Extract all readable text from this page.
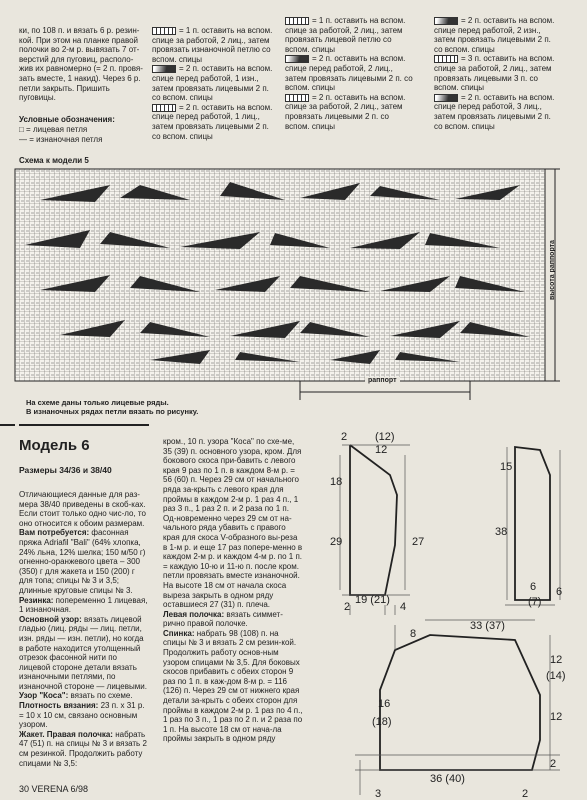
ки, по 108 п. и вязать 6 р. резин-кой. При этом на планке правой полочки во 2-м р. вывязать 7 от-верстий для пуговиц, располо-жив их равномерно (= 2 п. провя-зать вместе, 1 накид). Через 6 р. петли закрыть. Пришить пуговицы.
Условные обозначения:
□ = лицевая петля
— = изнаночная петля

= 1 п. оставить на вспом. спице за работой, 2 лиц., затем провязать изнаночной петлю со вспом. спицы

= 2 п. оставить на вспом. спице перед работой, 1 изн., затем провязать лицевыми 2 п. со вспом. спицы

= 2 п. оставить на вспом. спице перед работой, 1 лиц., затем провязать лицевыми 2 п. со вспом. спицы

= 1 п. оставить на вспом. спице за работой, 2 лиц., затем провязать лицевой петлю со вспом. спицы

= 2 п. оставить на вспом. спице перед работой, 2 лиц., затем провязать лицевыми 2 п. со вспом. спицы

= 2 п. оставить на вспом. спице за работой, 2 лиц., затем провязать лицевыми 2 п. со вспом. спицы

= 2 п. оставить на вспом. спице перед работой, 2 изн., затем провязать лицевыми 2 п. со вспом. спицы

= 3 п. оставить на вспом. спице за работой, 2 лиц., затем провязать лицевыми 3 п. со вспом. спицы

= 2 п. оставить на вспом. спице перед работой, 3 лиц., затем провязать лицевыми 2 п. со вспом. спицы

Схема к модели 5
высота раппорта
раппорт
На схеме даны только лицевые ряды.
В изнаночных рядах петли вязать по рисунку.
Модель 6
Размеры 34/36 и 38/40

Отличающиеся данные для раз-мера 38/40 приведены в скоб-ках. Если стоит только одно чис-ло, то оно относится к обоим размерам.

Вам потребуется: фасонная пряжа Adriafil "Bali" (64% хлопка, 24% льна, 12% шелка; 150 м/50 г) огненно-оранжевого цвета – 300 (350) г для жакета и 150 (200) г для топа; спицы № 3 и 3,5; длинные круговые спицы № 3.

Резинка: попеременно 1 лицевая, 1 изнаночная.

Основной узор: вязать лицевой гладью (лиц. ряды — лиц. петли, изн. ряды — изн. петли), но когда в работе находится утолщенный отрезок фасонной нити по лицевой стороне детали вязать изнаночными петлями, по изнаночной стороне — лицевыми.

Узор "Коса": вязать по схеме.

Плотность вязания: 23 п. х 31 р. = 10 х 10 см, связано основным узором.

Жакет. Правая полочка: набрать 47 (51) п. на спицы № 3 и вязать 2 см резинкой. Продолжить работу спицами № 3,5:

кром., 10 п. узора "Коса" по схе-ме, 35 (39) п. основного узора, кром. Для бокового скоса при-бавить с левого края 9 раз по 1 п. в каждом 8-м р. = 56 (60) п. Через 29 см от начального ряда за-крыть с левого края для проймы в каждом 2-м р. 1 раз 4 п., 1 раз 3 п., 1 раз 2 п. и 2 раза по 1 п. Од-новременно через 29 см от на-чального ряда убавить с правого края для скоса V-образного вы-реза в 1-м р. и еще 17 раз попере-менно в каждом 2-м р. и каждом 4-м р. по 1 п. = каждую 10-ю и 11-ю п. после кром. петли провязать вместе изнаночной. На высоте 18 см от начала скоса выреза закрыть в одном ряду оставшиеся 27 (31) п. плеча.

Левая полочка: вязать симмет-рично правой полочке.

Спинка: набрать 98 (108) п. на спицы № 3 и вязать 2 см резин-кой. Продолжить работу основ-ным узором спицами № 3,5. Для боковых скосов прибавить с обеих сторон 9 раз по 1 п. в каж-дом 8-м р. = 116 (126) п. Через 29 см от нижнего края детали за-крыть с обеих сторон для проймы в каждом 2-м р. 1 раз по 4 п., 1 раз по 3 п., 1 раз по 2 п. и 2 раза по 1 п. На высоте 18 см от нача-ла проймы закрыть в одном ряду

2	(12)
12
18
29	27
2
19 (21)
4
15
38
6
(7)
6
8
33 (37)
12
(14)
16
(18)	12
2
36 (40)
3	2
30 VERENA 6/98
